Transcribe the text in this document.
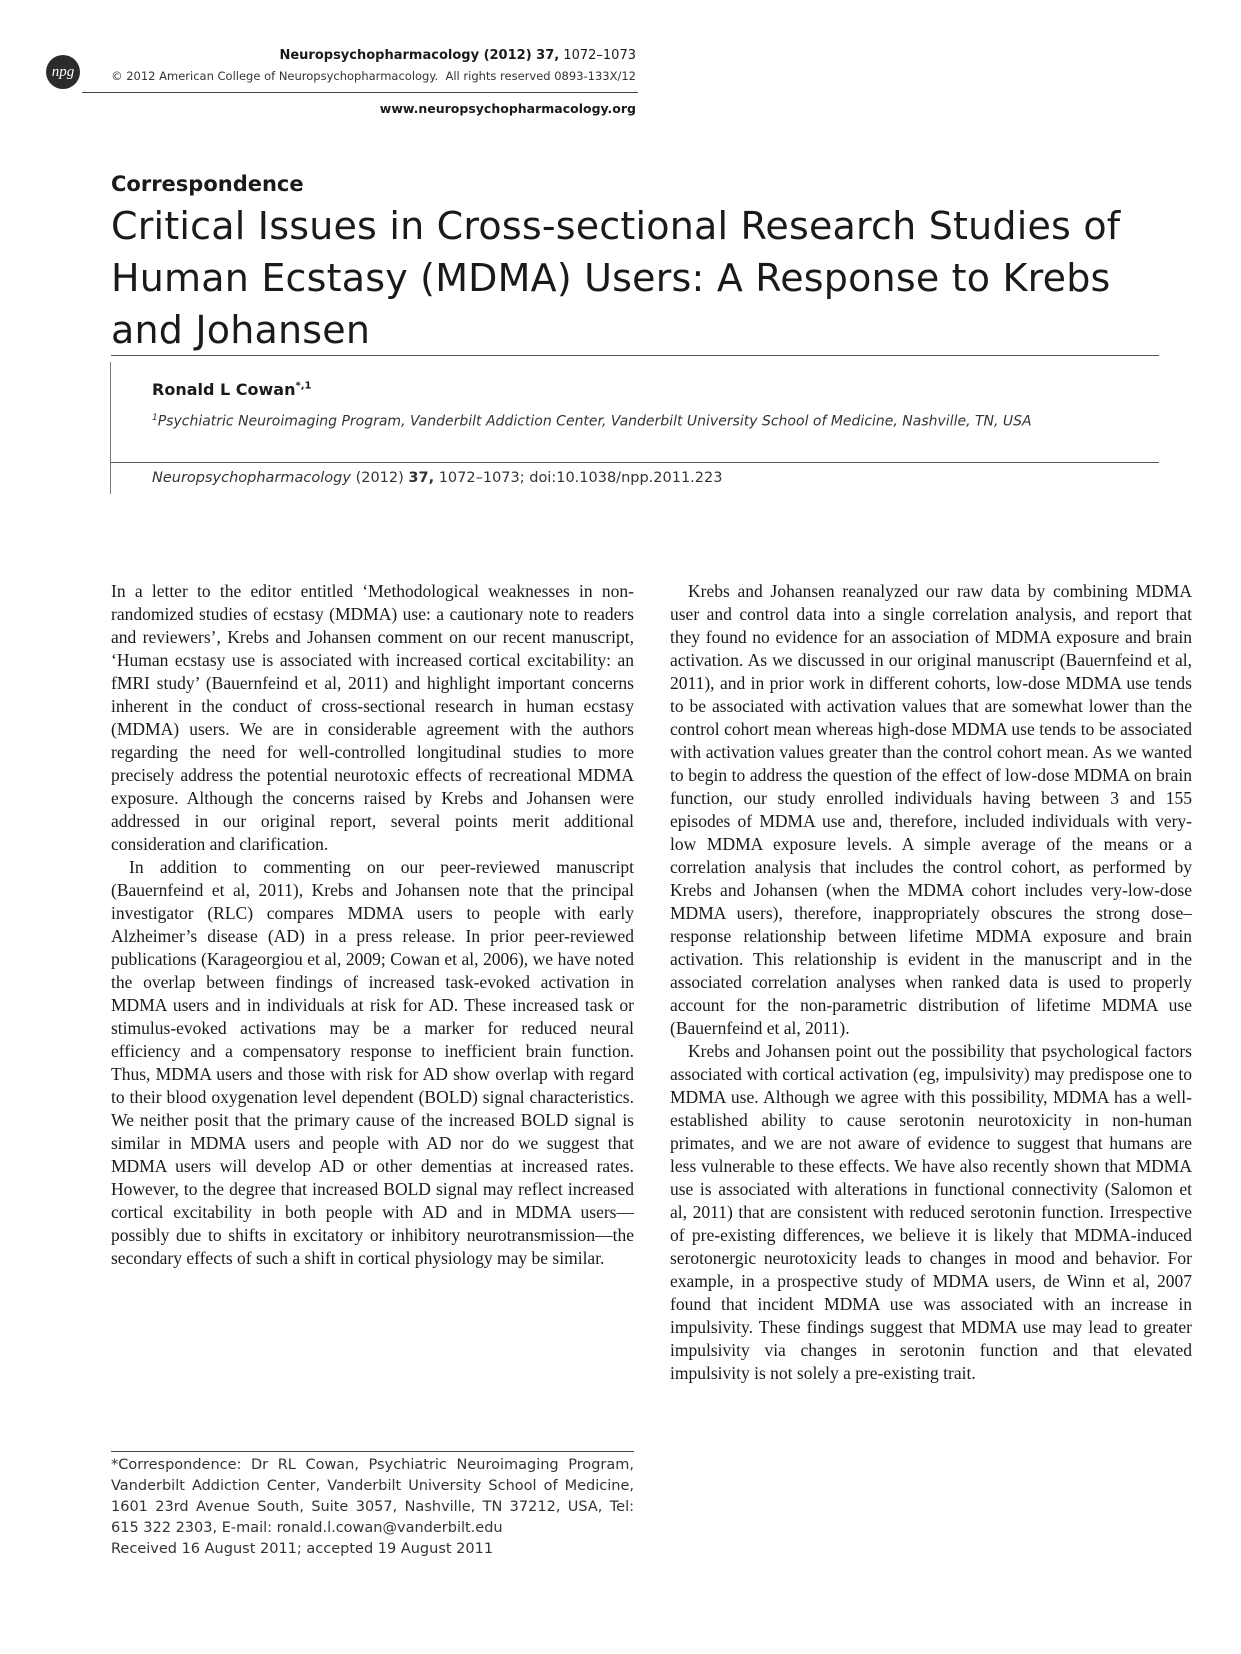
npg
Neuropsychopharmacology (2012) 37, 1072–1073
© 2012 American College of Neuropsychopharmacology.  All rights reserved 0893-133X/12
www.neuropsychopharmacology.org
Correspondence
Critical Issues in Cross-sectional Research Studies of Human Ecstasy (MDMA) Users: A Response to Krebs and Johansen
Ronald L Cowan$^{*,1}$
$^1$Psychiatric Neuroimaging Program, Vanderbilt Addiction Center, Vanderbilt University School of Medicine, Nashville, TN, USA
Neuropsychopharmacology (2012) 37, 1072–1073; doi:10.1038/npp.2011.223

In a letter to the editor entitled ‘Methodological weaknesses in non-randomized studies of ecstasy (MDMA) use: a cautionary note to readers and reviewers’, Krebs and Johansen comment on our recent manuscript, ‘Human ecstasy use is associated with increased cortical excitability: an fMRI study’ (Bauernfeind et al, 2011) and highlight important concerns inherent in the conduct of cross-sectional research in human ecstasy (MDMA) users. We are in considerable agreement with the authors regarding the need for well-controlled longitudinal studies to more precisely address the potential neurotoxic effects of recreational MDMA exposure. Although the concerns raised by Krebs and Johansen were addressed in our original report, several points merit additional consideration and clarification.

In addition to commenting on our peer-reviewed manuscript (Bauernfeind et al, 2011), Krebs and Johansen note that the principal investigator (RLC) compares MDMA users to people with early Alzheimer’s disease (AD) in a press release. In prior peer-reviewed publications (Karageorgiou et al, 2009; Cowan et al, 2006), we have noted the overlap between findings of increased task-evoked activation in MDMA users and in individuals at risk for AD. These increased task or stimulus-evoked activations may be a marker for reduced neural efficiency and a compensatory response to inefficient brain function. Thus, MDMA users and those with risk for AD show overlap with regard to their blood oxygenation level dependent (BOLD) signal characteristics. We neither posit that the primary cause of the increased BOLD signal is similar in MDMA users and people with AD nor do we suggest that MDMA users will develop AD or other dementias at increased rates. However, to the degree that increased BOLD signal may reflect increased cortical excitability in both people with AD and in MDMA users—possibly due to shifts in excitatory or inhibitory neurotransmission—the secondary effects of such a shift in cortical physiology may be similar.

Krebs and Johansen reanalyzed our raw data by combining MDMA user and control data into a single correlation analysis, and report that they found no evidence for an association of MDMA exposure and brain activation. As we discussed in our original manuscript (Bauernfeind et al, 2011), and in prior work in different cohorts, low-dose MDMA use tends to be associated with activation values that are somewhat lower than the control cohort mean whereas high-dose MDMA use tends to be associated with activation values greater than the control cohort mean. As we wanted to begin to address the question of the effect of low-dose MDMA on brain function, our study enrolled individuals having between 3 and 155 episodes of MDMA use and, therefore, included individuals with very-low MDMA exposure levels. A simple average of the means or a correlation analysis that includes the control cohort, as performed by Krebs and Johansen (when the MDMA cohort includes very-low-dose MDMA users), therefore, inappropriately obscures the strong dose–response relationship between lifetime MDMA exposure and brain activation. This relationship is evident in the manuscript and in the associated correlation analyses when ranked data is used to properly account for the non-parametric distribution of lifetime MDMA use (Bauernfeind et al, 2011).

Krebs and Johansen point out the possibility that psychological factors associated with cortical activation (eg, impulsivity) may predispose one to MDMA use. Although we agree with this possibility, MDMA has a well-established ability to cause serotonin neurotoxicity in non-human primates, and we are not aware of evidence to suggest that humans are less vulnerable to these effects. We have also recently shown that MDMA use is associated with alterations in functional connectivity (Salomon et al, 2011) that are consistent with reduced serotonin function. Irrespective of pre-existing differences, we believe it is likely that MDMA-induced serotonergic neurotoxicity leads to changes in mood and behavior. For example, in a prospective study of MDMA users, de Winn et al, 2007 found that incident MDMA use was associated with an increase in impulsivity. These findings suggest that MDMA use may lead to greater impulsivity via changes in serotonin function and that elevated impulsivity is not solely a pre-existing trait.

*Correspondence: Dr RL Cowan, Psychiatric Neuroimaging Program, Vanderbilt Addiction Center, Vanderbilt University School of Medicine, 1601 23rd Avenue South, Suite 3057, Nashville, TN 37212, USA, Tel: 615 322 2303, E-mail: ronald.l.cowan@vanderbilt.edu
Received 16 August 2011; accepted 19 August 2011
